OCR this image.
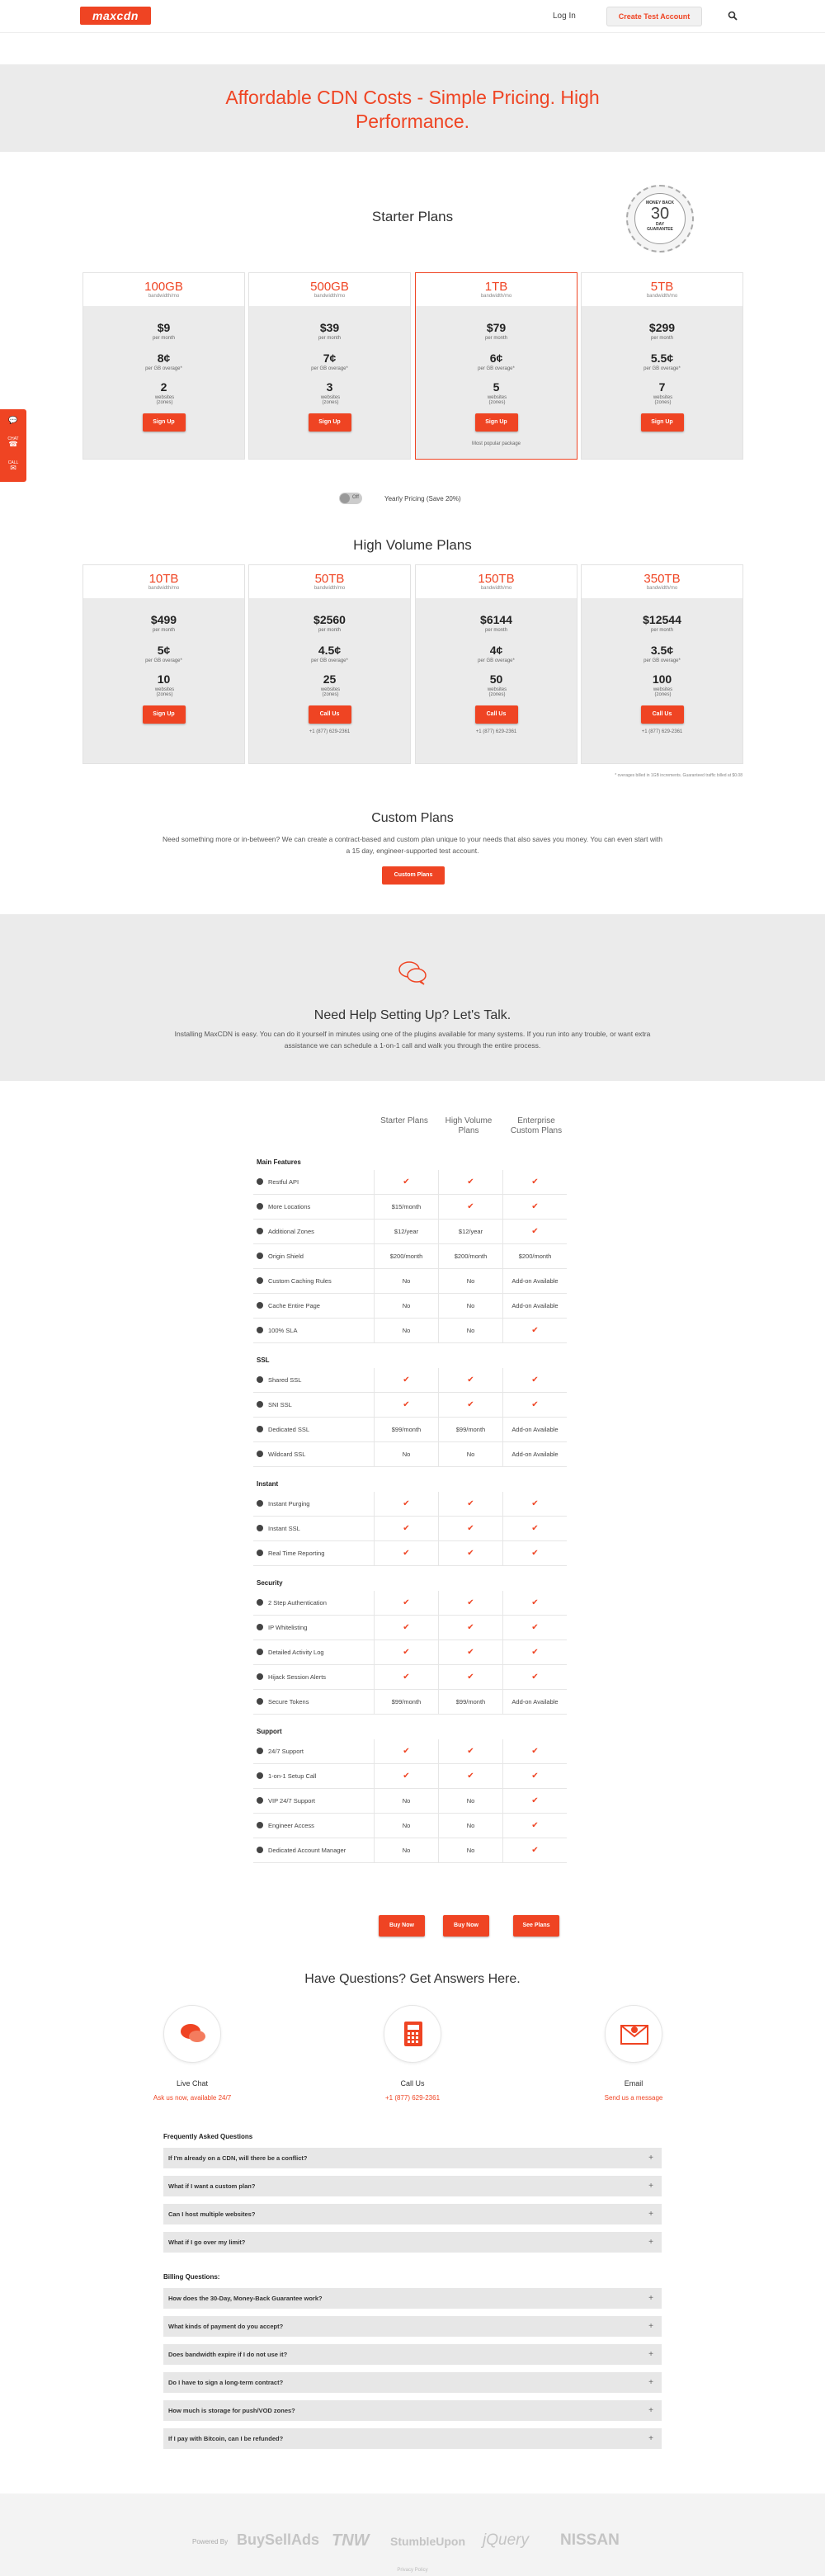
maxcdn	Log In	Create Test Account
Affordable CDN Costs - Simple Pricing. High Performance.
Starter Plans
MONEY BACK
30
DAY
GUARANTEE
100GB
bandwidth/mo
$9
per month
8¢
per GB overage*
2
websites (zones)
Sign Up
500GB
bandwidth/mo
$39
per month
7¢
per GB overage*
3
websites (zones)
Sign Up
1TB
bandwidth/mo
$79
per month
6¢
per GB overage*
5
websites (zones)
Sign Up
Most popular package
5TB
bandwidth/mo
$299
per month
5.5¢
per GB overage*
7
websites (zones)
Sign Up
Off	Yearly Pricing (Save 20%)
High Volume Plans
10TB
bandwidth/mo
$499
per month
5¢
per GB overage*
10
websites (zones)
Sign Up
50TB
bandwidth/mo
$2560
per month
4.5¢
per GB overage*
25
websites (zones)
Call Us
+1 (877) 629-2361
150TB
bandwidth/mo
$6144
per month
4¢
per GB overage*
50
websites (zones)
Call Us
+1 (877) 629-2361
350TB
bandwidth/mo
$12544
per month
3.5¢
per GB overage*
100
websites (zones)
Call Us
+1 (877) 629-2361
* overages billed in 1GB increments. Guaranteed traffic billed at $0.08
💬
CHAT
☎
CALL
✉
MESSAGE
Custom Plans
Need something more or in-between? We can create a contract-based and custom plan unique to your needs that also saves you money. You can even start with a 15 day, engineer-supported test account.
Custom Plans
Need Help Setting Up? Let's Talk.
Installing MaxCDN is easy. You can do it yourself in minutes using one of the plugins available for many systems. If you run into any trouble, or want extra assistance we can schedule a 1-on-1 call and walk you through the entire process.
Starter Plans	High Volume Plans
Enterprise Custom Plans
Main Features
Restful API	✔	✔	✔
More Locations	$15/month	✔	✔
Additional Zones	$12/year	$12/year	✔
Origin Shield	$200/month	$200/month	$200/month
Custom Caching Rules	No	No	Add-on Available
Cache Entire Page	No	No	Add-on Available
100% SLA	No	No	✔
SSL
Shared SSL	✔	✔	✔
SNI SSL	✔	✔	✔
Dedicated SSL	$99/month	$99/month	Add-on Available
Wildcard SSL	No	No	Add-on Available
Instant
Instant Purging	✔	✔	✔
Instant SSL	✔	✔	✔
Real Time Reporting	✔	✔	✔
Security
2 Step Authentication	✔	✔	✔
IP Whitelisting	✔	✔	✔
Detailed Activity Log	✔	✔	✔
Hijack Session Alerts	✔	✔	✔
Secure Tokens	$99/month	$99/month	Add-on Available
Support
24/7 Support	✔	✔	✔
1-on-1 Setup Call	✔	✔	✔
VIP 24/7 Support	No	No	✔
Engineer Access	No	No	✔
Dedicated Account Manager	No	No	✔
Buy Now	Buy Now	See Plans
Have Questions? Get Answers Here.
Live Chat
Ask us now, available 24/7
Call Us
+1 (877) 629-2361
Email
Send us a message
Frequently Asked Questions
If I'm already on a CDN, will there be a conflict?	+
What if I want a custom plan?	+
Can I host multiple websites?	+
What if I go over my limit?	+
Billing Questions:
How does the 30-Day, Money-Back Guarantee work?	+
What kinds of payment do you accept?	+
Does bandwidth expire if I do not use it?	+
Do I have to sign a long-term contract?	+
How much is storage for push/VOD zones?	+
If I pay with Bitcoin, can I be refunded?	+
Powered By BuySellAds TNW StumbleUpon jQuery NISSAN
Privacy Policy
